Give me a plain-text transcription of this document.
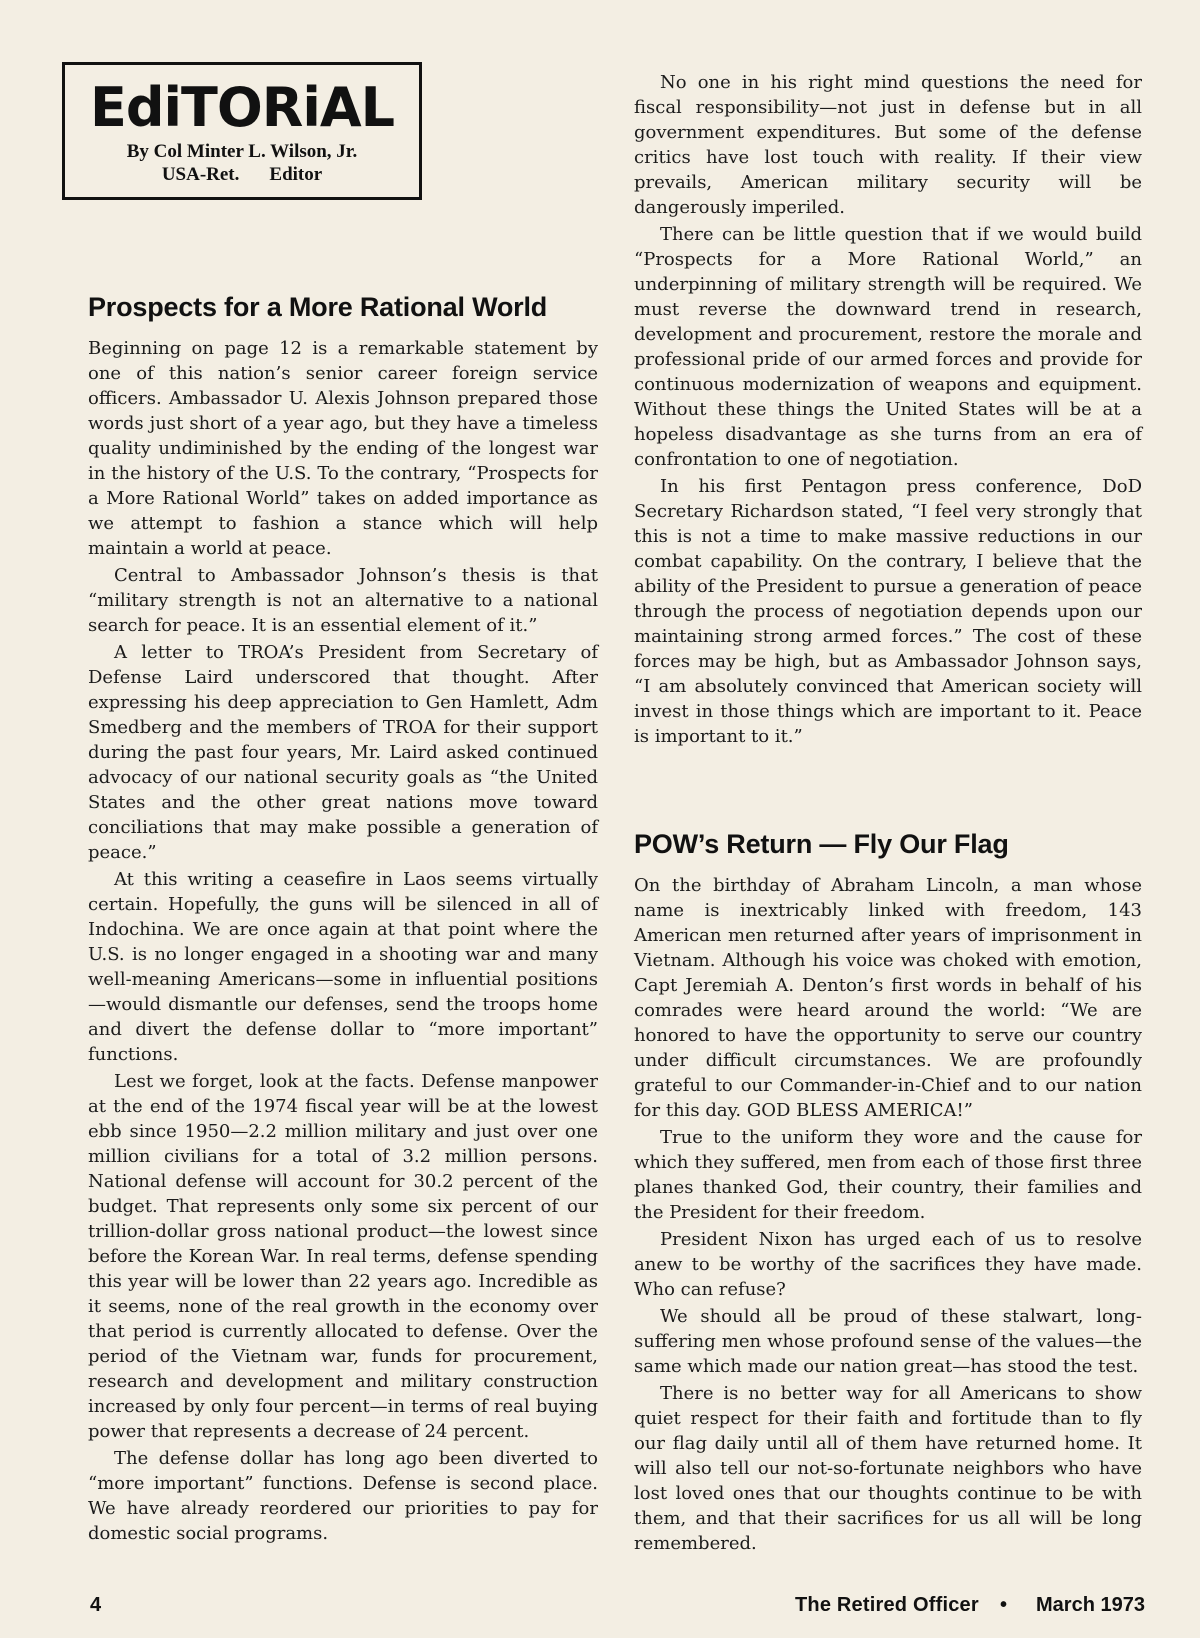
EdiTORiAL
By Col Minter L. Wilson, Jr.
USA-Ret. Editor
Prospects for a More Rational World

Beginning on page 12 is a remarkable statement by one of this nation’s senior career foreign service officers. Ambassador U. Alexis Johnson prepared those words just short of a year ago, but they have a timeless quality undiminished by the ending of the longest war in the history of the U.S. To the contrary, “Prospects for a More Rational World” takes on added importance as we attempt to fashion a stance which will help maintain a world at peace.

Central to Ambassador Johnson’s thesis is that “military strength is not an alternative to a national search for peace. It is an essential element of it.”

A letter to TROA’s President from Secretary of Defense Laird underscored that thought. After expressing his deep appreciation to Gen Hamlett, Adm Smedberg and the members of TROA for their support during the past four years, Mr. Laird asked continued advocacy of our national security goals as “the United States and the other great nations move toward conciliations that may make possible a generation of peace.”

At this writing a ceasefire in Laos seems virtually certain. Hopefully, the guns will be silenced in all of Indochina. We are once again at that point where the U.S. is no longer engaged in a shooting war and many well-meaning Americans—some in influential positions—would dismantle our defenses, send the troops home and divert the defense dollar to “more important” functions.

Lest we forget, look at the facts. Defense manpower at the end of the 1974 fiscal year will be at the lowest ebb since 1950—2.2 million military and just over one million civilians for a total of 3.2 million persons. National defense will account for 30.2 percent of the budget. That represents only some six percent of our trillion-dollar gross national product—the lowest since before the Korean War. In real terms, defense spending this year will be lower than 22 years ago. Incredible as it seems, none of the real growth in the economy over that period is currently allocated to defense. Over the period of the Vietnam war, funds for procurement, research and development and military construction increased by only four percent—in terms of real buying power that represents a decrease of 24 percent.

The defense dollar has long ago been diverted to “more important” functions. Defense is second place. We have already reordered our priorities to pay for domestic social programs.

No one in his right mind questions the need for fiscal responsibility—not just in defense but in all government expenditures. But some of the defense critics have lost touch with reality. If their view prevails, American military security will be dangerously imperiled.

There can be little question that if we would build “Prospects for a More Rational World,” an underpinning of military strength will be required. We must reverse the downward trend in research, development and procurement, restore the morale and professional pride of our armed forces and provide for continuous modernization of weapons and equipment. Without these things the United States will be at a hopeless disadvantage as she turns from an era of confrontation to one of negotiation.

In his first Pentagon press conference, DoD Secretary Richardson stated, “I feel very strongly that this is not a time to make massive reductions in our combat capability. On the contrary, I believe that the ability of the President to pursue a generation of peace through the process of negotiation depends upon our maintaining strong armed forces.” The cost of these forces may be high, but as Ambassador Johnson says, “I am absolutely convinced that American society will invest in those things which are important to it. Peace is important to it.”

POW’s Return — Fly Our Flag

On the birthday of Abraham Lincoln, a man whose name is inextricably linked with freedom, 143 American men returned after years of imprisonment in Vietnam. Although his voice was choked with emotion, Capt Jeremiah A. Denton’s first words in behalf of his comrades were heard around the world: “We are honored to have the opportunity to serve our country under difficult circumstances. We are profoundly grateful to our Commander-in-Chief and to our nation for this day. GOD BLESS AMERICA!”

True to the uniform they wore and the cause for which they suffered, men from each of those first three planes thanked God, their country, their families and the President for their freedom.

President Nixon has urged each of us to resolve anew to be worthy of the sacrifices they have made. Who can refuse?

We should all be proud of these stalwart, long-suffering men whose profound sense of the values—the same which made our nation great—has stood the test.

There is no better way for all Americans to show quiet respect for their faith and fortitude than to fly our flag daily until all of them have returned home. It will also tell our not-so-fortunate neighbors who have lost loved ones that our thoughts continue to be with them, and that their sacrifices for us all will be long remembered.

4	The Retired Officer • March 1973
